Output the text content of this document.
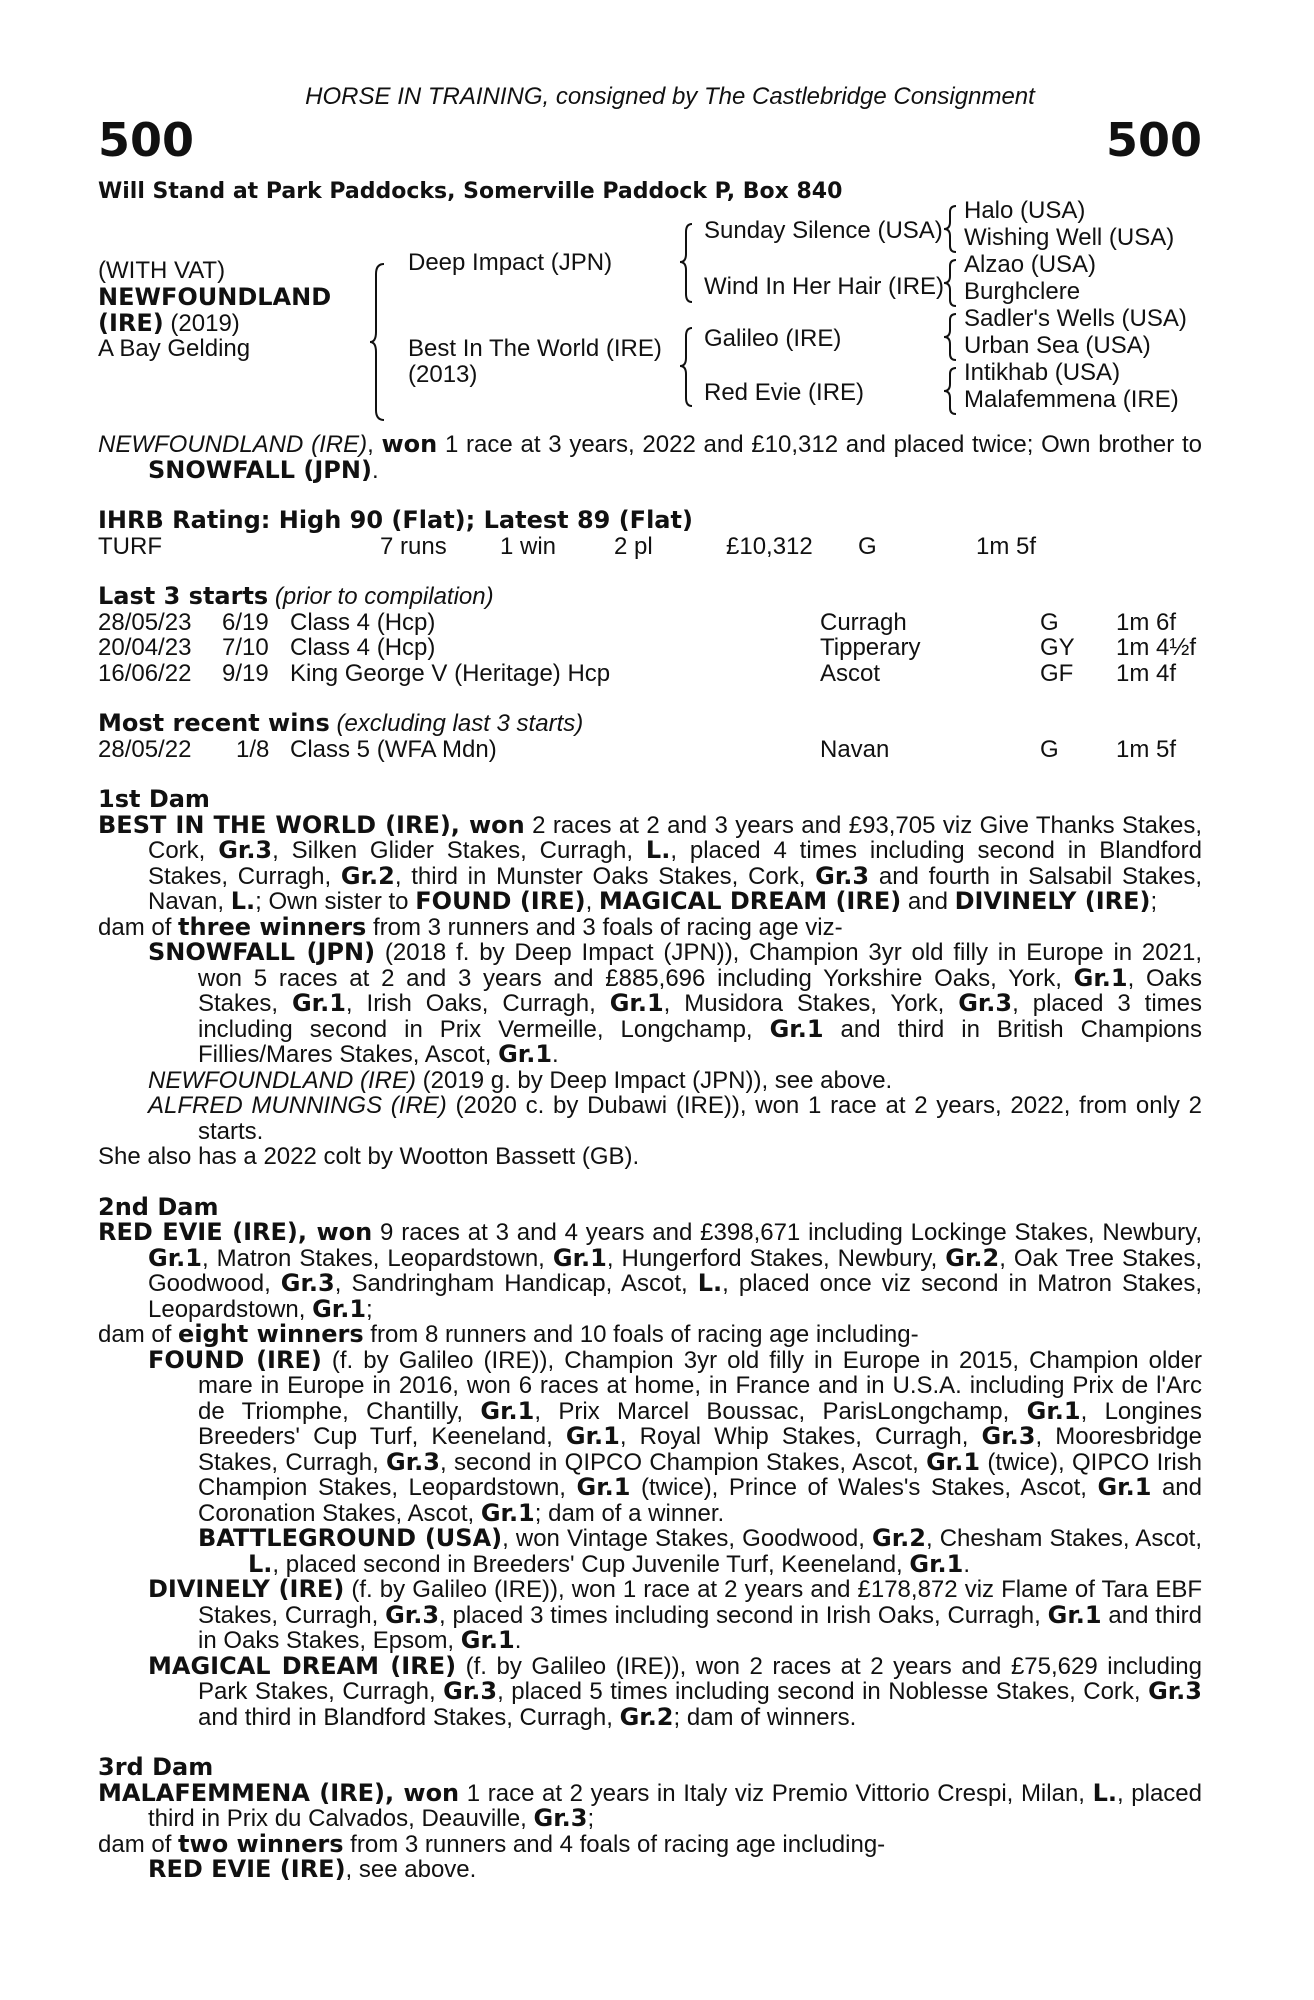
HORSE IN TRAINING, consigned by The Castlebridge Consignment
500	500
Will Stand at Park Paddocks, Somerville Paddock P, Box 840
(WITH VAT)
NEWFOUNDLAND
(IRE) (2019)
A Bay Gelding
Deep Impact (JPN)
Best In The World (IRE)
(2013)
Sunday Silence (USA)
Wind In Her Hair (IRE)
Galileo (IRE)
Red Evie (IRE)
Halo (USA)
Wishing Well (USA)
Alzao (USA)
Burghclere
Sadler's Wells (USA)
Urban Sea (USA)
Intikhab (USA)
Malafemmena (IRE)
NEWFOUNDLAND (IRE), won 1 race at 3 years, 2022 and £10,312 and placed twice; Own brother to SNOWFALL (JPN).
IHRB Rating: High 90 (Flat); Latest 89 (Flat)
TURF	7 runs 1 win 2 pl	£10,312 G	1m 5f
Last 3 starts (prior to compilation)
28/05/23 6/19 Class 4 (Hcp)	Curragh	G 1m 6f
20/04/23 7/10 Class 4 (Hcp)	Tipperary	GY 1m 4½f
16/06/22 9/19 King George V (Heritage) Hcp	Ascot	GF 1m 4f
Most recent wins (excluding last 3 starts)
28/05/22 1/8 Class 5 (WFA Mdn)	Navan	G 1m 5f
1st Dam
BEST IN THE WORLD (IRE), won 2 races at 2 and 3 years and £93,705 viz Give Thanks Stakes, Cork, Gr.3, Silken Glider Stakes, Curragh, L., placed 4 times including second in Blandford Stakes, Curragh, Gr.2, third in Munster Oaks Stakes, Cork, Gr.3 and fourth in Salsabil Stakes, Navan, L.; Own sister to FOUND (IRE), MAGICAL DREAM (IRE) and DIVINELY (IRE);
dam of three winners from 3 runners and 3 foals of racing age viz-
SNOWFALL (JPN) (2018 f. by Deep Impact (JPN)), Champion 3yr old filly in Europe in 2021, won 5 races at 2 and 3 years and £885,696 including Yorkshire Oaks, York, Gr.1, Oaks Stakes, Gr.1, Irish Oaks, Curragh, Gr.1, Musidora Stakes, York, Gr.3, placed 3 times including second in Prix Vermeille, Longchamp, Gr.1 and third in British Champions Fillies/Mares Stakes, Ascot, Gr.1.
NEWFOUNDLAND (IRE) (2019 g. by Deep Impact (JPN)), see above.
ALFRED MUNNINGS (IRE) (2020 c. by Dubawi (IRE)), won 1 race at 2 years, 2022, from only 2 starts.
She also has a 2022 colt by Wootton Bassett (GB).
2nd Dam
RED EVIE (IRE), won 9 races at 3 and 4 years and £398,671 including Lockinge Stakes, Newbury, Gr.1, Matron Stakes, Leopardstown, Gr.1, Hungerford Stakes, Newbury, Gr.2, Oak Tree Stakes, Goodwood, Gr.3, Sandringham Handicap, Ascot, L., placed once viz second in Matron Stakes, Leopardstown, Gr.1;
dam of eight winners from 8 runners and 10 foals of racing age including-
FOUND (IRE) (f. by Galileo (IRE)), Champion 3yr old filly in Europe in 2015, Champion older mare in Europe in 2016, won 6 races at home, in France and in U.S.A. including Prix de l'Arc de Triomphe, Chantilly, Gr.1, Prix Marcel Boussac, ParisLongchamp, Gr.1, Longines Breeders' Cup Turf, Keeneland, Gr.1, Royal Whip Stakes, Curragh, Gr.3, Mooresbridge Stakes, Curragh, Gr.3, second in QIPCO Champion Stakes, Ascot, Gr.1 (twice), QIPCO Irish Champion Stakes, Leopardstown, Gr.1 (twice), Prince of Wales's Stakes, Ascot, Gr.1 and Coronation Stakes, Ascot, Gr.1; dam of a winner.
BATTLEGROUND (USA), won Vintage Stakes, Goodwood, Gr.2, Chesham Stakes, Ascot, L., placed second in Breeders' Cup Juvenile Turf, Keeneland, Gr.1.
DIVINELY (IRE) (f. by Galileo (IRE)), won 1 race at 2 years and £178,872 viz Flame of Tara EBF Stakes, Curragh, Gr.3, placed 3 times including second in Irish Oaks, Curragh, Gr.1 and third in Oaks Stakes, Epsom, Gr.1.
MAGICAL DREAM (IRE) (f. by Galileo (IRE)), won 2 races at 2 years and £75,629 including Park Stakes, Curragh, Gr.3, placed 5 times including second in Noblesse Stakes, Cork, Gr.3 and third in Blandford Stakes, Curragh, Gr.2; dam of winners.
3rd Dam
MALAFEMMENA (IRE), won 1 race at 2 years in Italy viz Premio Vittorio Crespi, Milan, L., placed third in Prix du Calvados, Deauville, Gr.3;
dam of two winners from 3 runners and 4 foals of racing age including-
RED EVIE (IRE), see above.
